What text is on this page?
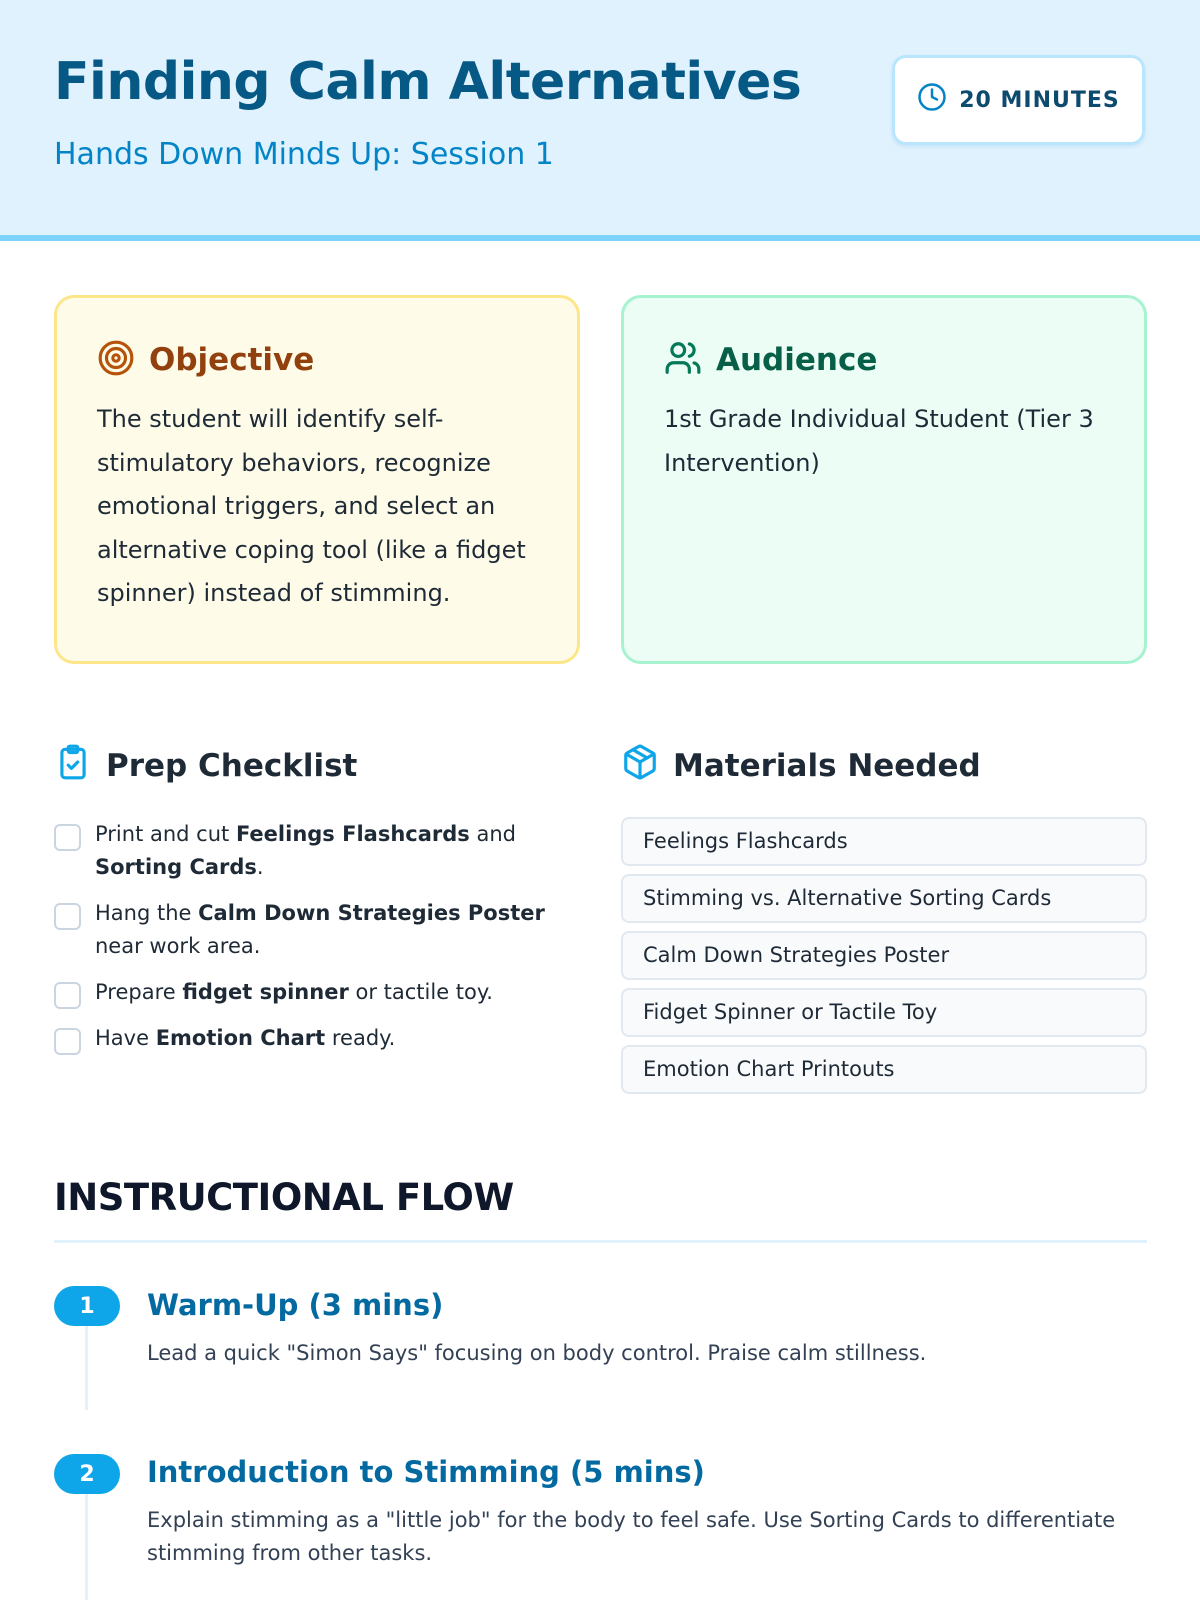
Finding Calm Alternatives
Hands Down Minds Up: Session 1
20 MINUTES
Objective

The student will identify self-stimulatory behaviors, recognize emotional triggers, and select an alternative coping tool (like a fidget spinner) instead of stimming.

Audience

1st Grade Individual Student (Tier 3 Intervention)

Prep Checklist
Print and cut Feelings Flashcards and Sorting Cards.
Hang the Calm Down Strategies Poster near work area.
Prepare fidget spinner or tactile toy.
Have Emotion Chart ready.
Materials Needed
Feelings Flashcards
Stimming vs. Alternative Sorting Cards
Calm Down Strategies Poster
Fidget Spinner or Tactile Toy
Emotion Chart Printouts
INSTRUCTIONAL FLOW
1	Warm-Up (3 mins)

Lead a quick "Simon Says" focusing on body control. Praise calm stillness.

2	Introduction to Stimming (5 mins)

Explain stimming as a "little job" for the body to feel safe. Use Sorting Cards to differentiate stimming from other tasks.
